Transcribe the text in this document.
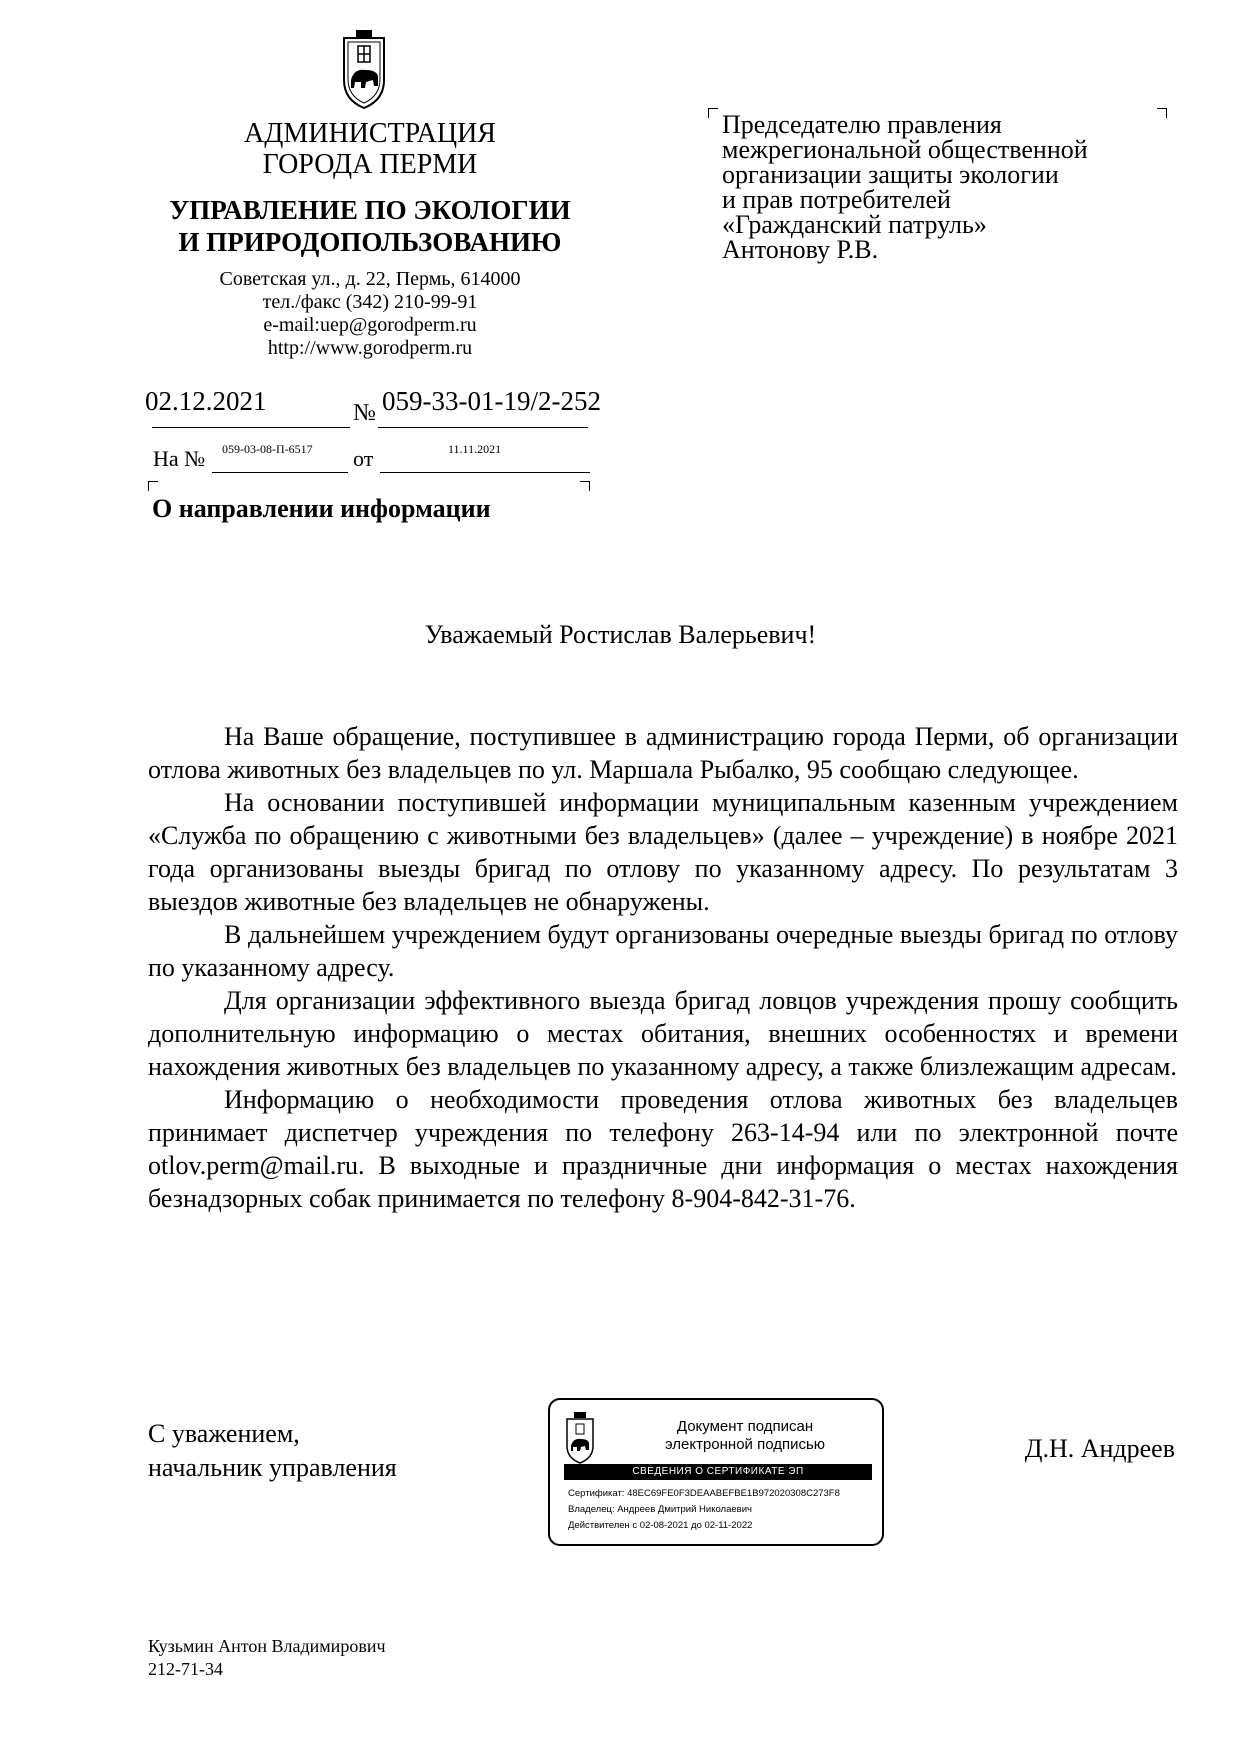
АДМИНИСТРАЦИЯ
ГОРОДА ПЕРМИ
УПРАВЛЕНИЕ ПО ЭКОЛОГИИ
И ПРИРОДОПОЛЬЗОВАНИЮ
Советская ул., д. 22, Пермь, 614000
тел./факс (342) 210-99-91
e-mail:uep@gorodperm.ru
http://www.gorodperm.ru
02.12.2021	№ 059-33-01-19/2-252
На № 059-03-08-П-6517 от	11.11.2021
Председателю правления
межрегиональной общественной
организации защиты экологии
и прав потребителей
«Гражданский патруль»
Антонову Р.В.
О направлении информации
Уважаемый Ростислав Валерьевич!

На Ваше обращение, поступившее в администрацию города Перми, об организации отлова животных без владельцев по ул. Маршала Рыбалко, 95 сообщаю следующее.

На основании поступившей информации муниципальным казенным учреждением «Служба по обращению с животными без владельцев» (далее – учреждение) в ноябре 2021 года организованы выезды бригад по отлову по указанному адресу. По результатам 3 выездов животные без владельцев не обнаружены.

В дальнейшем учреждением будут организованы очередные выезды бригад по отлову по указанному адресу.

Для организации эффективного выезда бригад ловцов учреждения прошу сообщить дополнительную информацию о местах обитания, внешних особенностях и времени нахождения животных без владельцев по указанному адресу, а также близлежащим адресам.

Информацию о необходимости проведения отлова животных без владельцев принимает диспетчер учреждения по телефону 263-14-94 или по электронной почте otlov.perm@mail.ru. В выходные и праздничные дни информация о местах нахождения безнадзорных собак принимается по телефону 8-904-842-31-76.

С уважением,
начальник управления
Д.Н. Андреев
Документ подписан
электронной подписью
СВЕДЕНИЯ О СЕРТИФИКАТЕ ЭП
Сертификат: 48EC69FE0F3DEAABEFBE1B972020308C273F8
Владелец: Андреев Дмитрий Николаевич
Действителен с 02-08-2021 до 02-11-2022
Кузьмин Антон Владимирович
212-71-34
